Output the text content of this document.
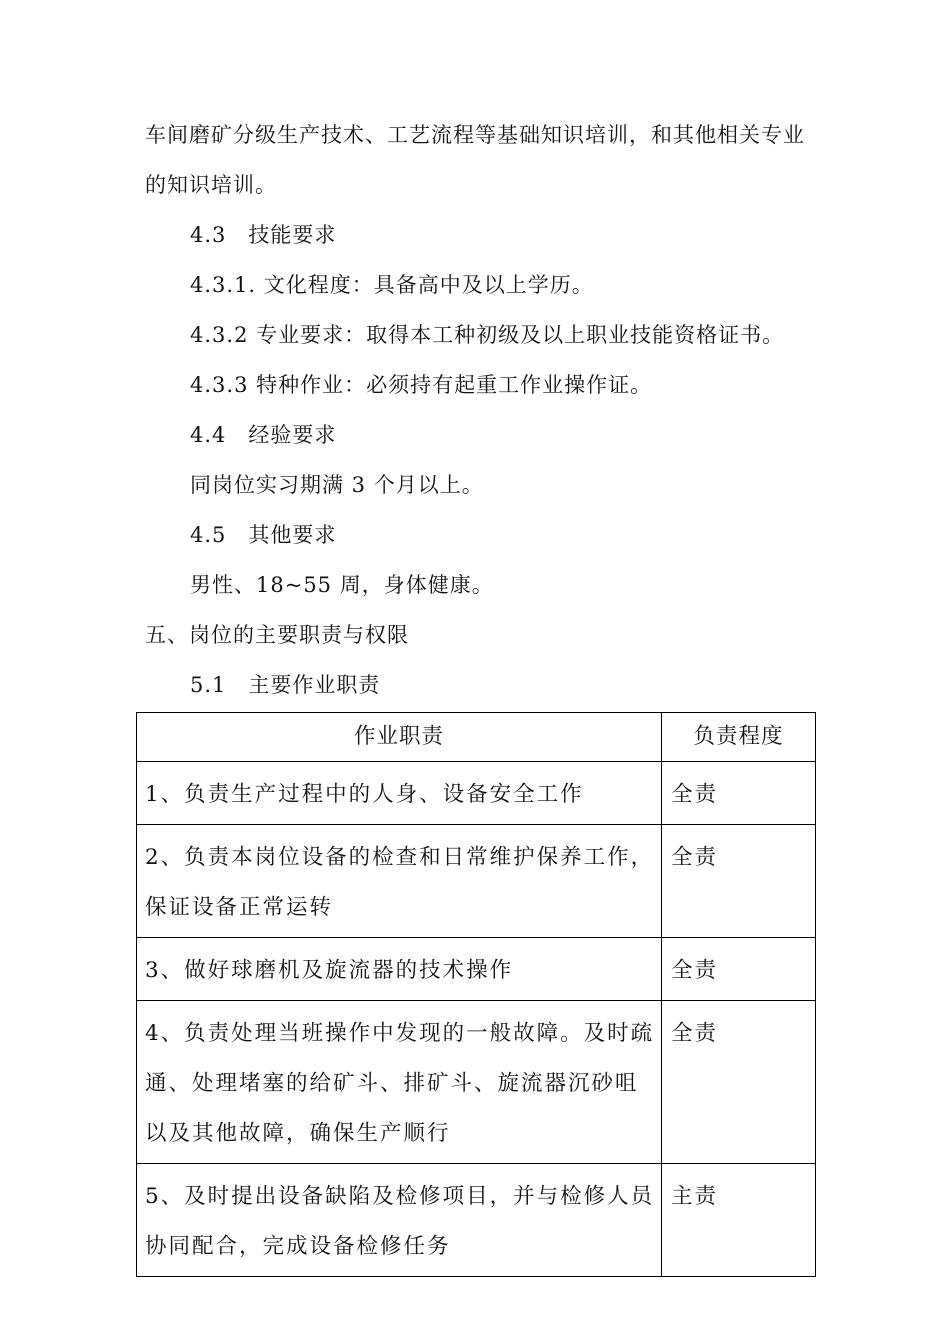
车间磨矿分级生产技术、工艺流程等基础知识培训，和其他相关专业
的知识培训。
4.3　技能要求
4.3.1. 文化程度：具备高中及以上学历。
4.3.2 专业要求：取得本工种初级及以上职业技能资格证书。
4.3.3 特种作业：必须持有起重工作业操作证。
4.4　经验要求
同岗位实习期满 3 个月以上。
4.5　其他要求
男性、18~55 周，身体健康。
五、岗位的主要职责与权限
5.1　主要作业职责
作业职责	负责程度
1、负责生产过程中的人身、设备安全工作	全责
2、负责本岗位设备的检查和日常维护保养工作，保证设备正常运转	全责
3、做好球磨机及旋流器的技术操作	全责
4、负责处理当班操作中发现的一般故障。及时疏通、处理堵塞的给矿斗、排矿斗、旋流器沉砂咀以及其他故障，确保生产顺行	全责
5、及时提出设备缺陷及检修项目，并与检修人员协同配合，完成设备检修任务	主责
